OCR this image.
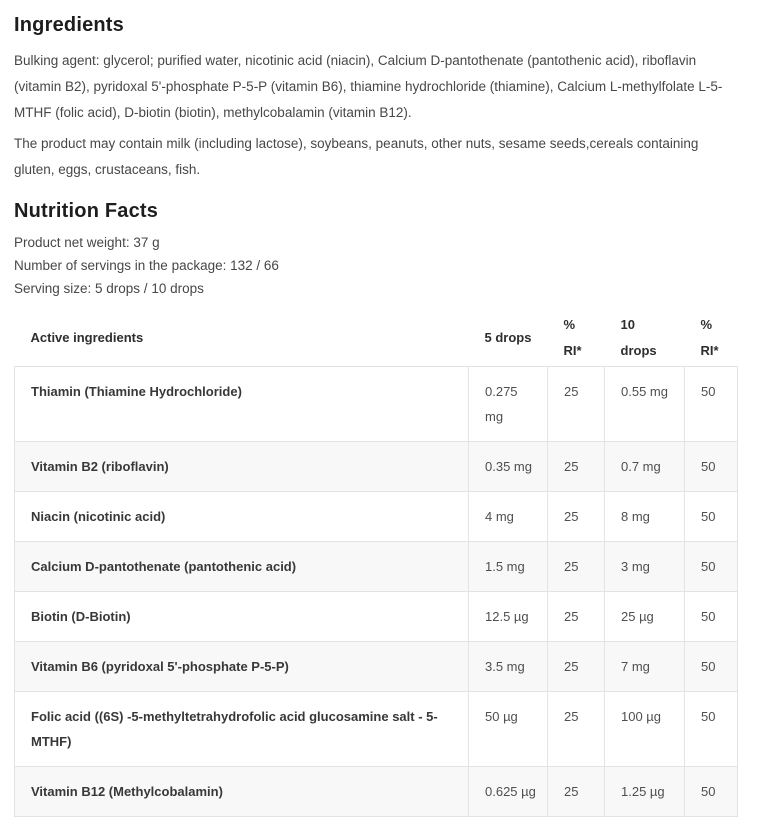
Ingredients

Bulking agent: glycerol; purified water, nicotinic acid (niacin), Calcium D-pantothenate (pantothenic acid), riboflavin (vitamin B2), pyridoxal 5'-phosphate P-5-P (vitamin B6), thiamine hydrochloride (thiamine), Calcium L-methylfolate L-5-MTHF (folic acid), D-biotin (biotin), methylcobalamin (vitamin B12).

The product may contain milk (including lactose), soybeans, peanuts, other nuts, sesame seeds,cereals containing gluten, eggs, crustaceans, fish.

Nutrition Facts

Product net weight: 37 g

Number of servings in the package: 132 / 66

Serving size: 5 drops / 10 drops

Active ingredients	5 drops	% RI*	10 drops	% RI*
Thiamin (Thiamine Hydrochloride)	0.275 mg	25	0.55 mg	50
Vitamin B2 (riboflavin)	0.35 mg	25	0.7 mg	50
Niacin (nicotinic acid)	4 mg	25	8 mg	50
Calcium D-pantothenate (pantothenic acid)	1.5 mg	25	3 mg	50
Biotin (D-Biotin)	12.5 µg	25	25 µg	50
Vitamin B6 (pyridoxal 5'-phosphate P-5-P)	3.5 mg	25	7 mg	50
Folic acid ((6S) -5-methyltetrahydrofolic acid glucosamine salt - 5-MTHF)	50 µg	25	100 µg	50
Vitamin B12 (Methylcobalamin)	0.625 µg	25	1.25 µg	50
